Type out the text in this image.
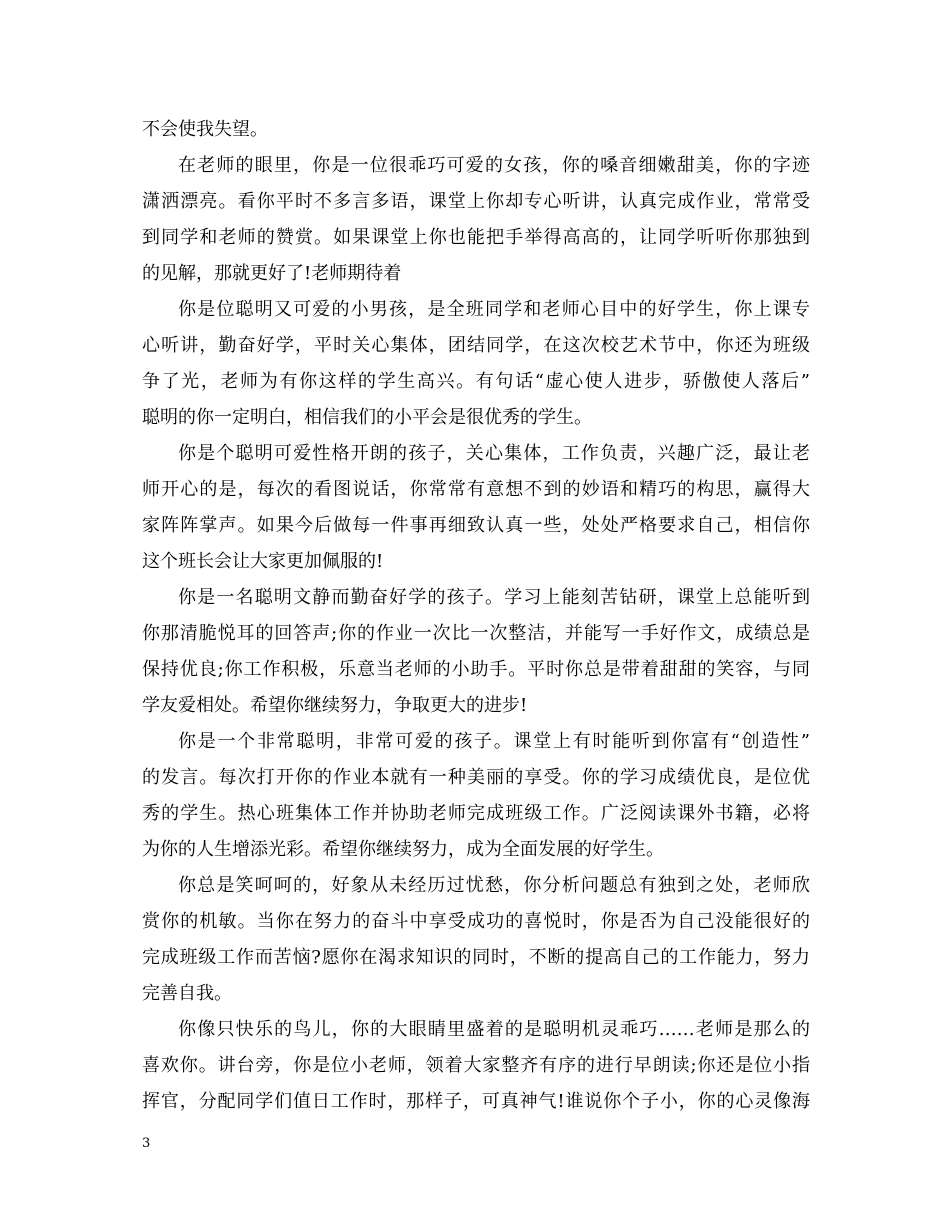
不会使我失望。
在老师的眼里，你是一位很乖巧可爱的女孩，你的嗓音细嫩甜美，你的字迹
潇洒漂亮。看你平时不多言多语，课堂上你却专心听讲，认真完成作业，常常受
到同学和老师的赞赏。如果课堂上你也能把手举得高高的，让同学听听你那独到
的见解，那就更好了!老师期待着
你是位聪明又可爱的小男孩，是全班同学和老师心目中的好学生，你上课专
心听讲，勤奋好学，平时关心集体，团结同学，在这次校艺术节中，你还为班级
争了光，老师为有你这样的学生高兴。有句话“虚心使人进步，骄傲使人落后”
聪明的你一定明白，相信我们的小平会是很优秀的学生。
你是个聪明可爱性格开朗的孩子，关心集体，工作负责，兴趣广泛，最让老
师开心的是，每次的看图说话，你常常有意想不到的妙语和精巧的构思，赢得大
家阵阵掌声。如果今后做每一件事再细致认真一些，处处严格要求自己，相信你
这个班长会让大家更加佩服的!
你是一名聪明文静而勤奋好学的孩子。学习上能刻苦钻研，课堂上总能听到
你那清脆悦耳的回答声;你的作业一次比一次整洁，并能写一手好作文，成绩总是
保持优良;你工作积极，乐意当老师的小助手。平时你总是带着甜甜的笑容，与同
学友爱相处。希望你继续努力，争取更大的进步!
你是一个非常聪明，非常可爱的孩子。课堂上有时能听到你富有“创造性”
的发言。每次打开你的作业本就有一种美丽的享受。你的学习成绩优良，是位优
秀的学生。热心班集体工作并协助老师完成班级工作。广泛阅读课外书籍，必将
为你的人生增添光彩。希望你继续努力，成为全面发展的好学生。
你总是笑呵呵的，好象从未经历过忧愁，你分析问题总有独到之处，老师欣
赏你的机敏。当你在努力的奋斗中享受成功的喜悦时，你是否为自己没能很好的
完成班级工作而苦恼?愿你在渴求知识的同时，不断的提高自己的工作能力，努力
完善自我。
你像只快乐的鸟儿，你的大眼睛里盛着的是聪明机灵乖巧……老师是那么的
喜欢你。讲台旁，你是位小老师，领着大家整齐有序的进行早朗读;你还是位小指
挥官，分配同学们值日工作时，那样子，可真神气!谁说你个子小，你的心灵像海
3
